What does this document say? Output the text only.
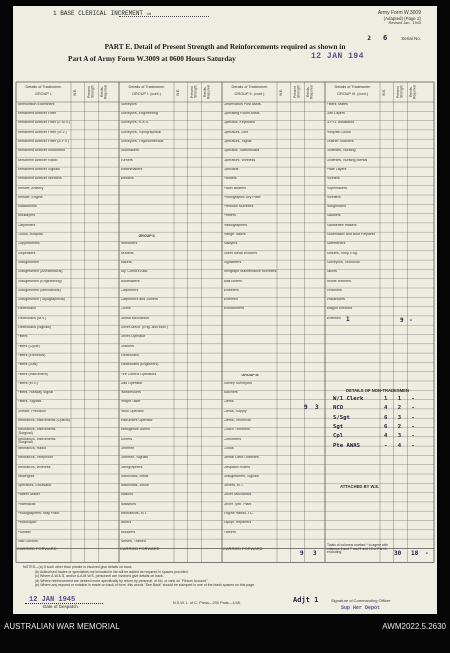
1 BASE CLERICAL INCREMENT nit	Army Form W.3009
(Adapted) (Page 2)
Revised Jan., 1943
2 6	Serial No.
PART E. Detail of Present Strength and Reinforcements required as shown in
Part A of Army Form W.3009 at 0600 Hours Saturday	12 JAN 194
Details of Tradesmen
GROUP I.	W.E.	Present Strength Reinfs. Required	Details of Tradesmen
GROUP I. (cont.)	W.E.	Present Strength Reinfs. Required	Details of Tradesmen
GROUP II. (cont.)	W.E.	Present Strength Reinfs. Required	Details of Tradesmen
GROUP III. (cont.)	W.E.	Present Strength Reinfs. Required
Ammunition Examiners
Armament Artificer Fitter
Armament Artificer Fitter (E.M.V.)
Armament Artificer Fitter (M.V.)
Armament Artificer Fitter (A.F.V.)
Armament Artificer Instrument
Armament Artificer Radio
Armament Artificer Signals
Armament Artificer Wireless
Artificer, Artillery
Artificer, Engine
Blacksmiths
Bricklayers
Carpenters
Cooks, Hospital
Coppersmiths
Dispensers
Draughtsmen
Draughtsmen (Architectural)
Draughtsmen (Engineering)
Draughtsmen (Mechanical)
Draughtsmen (Topographical)
Electricians
Electricians (M.V.)
Electricians (Signals)
Fitters
Fitters (Cycle)
Fitters (Electrical)
Fitters (Gas)
Fitters (Instrument)
Fitters (M.V.)
Fitters, Railway Signal
Fitters, Signals
Grinder, Precision
Mechanics, Instruments (Optical)
Mechanics, Instruments (Surgical)
Mechanics, Instruments (Surgical)
Mechanics, Radio
Mechanics, Telephone
Mechanics, Wireless
Millwrights
Operators, Excavator
Pattern Maker
Pharmacist
Photographers, Map Plant
Photocopier
Plumber
Saw Doctors
Surveyors
Surveyors, Engineering
Surveyors, R.A.S.
Surveyors, Topographical
Surveyors, Trigonometrical
Toolmakers
Turners
Watchmakers
Welders
GROUP II.
Armourers
Asmens
Bakers
Bty. Comd's Asst.
Bootmakers
Carpenters
Carpenters and Joiners
Cooks
Dental Mechanics
Driver-Mech. (Eng. and Mod.)
Driver-Operator
Drainers
Electricians
Electricians (Engineers)
Fire Control Operators
Gas Operator
Hairdressers
Height Taker
Helio Operator
Instrument Operator
Intelligence Duties
Joiners
Linemen
Linemen, Signals
Lithographers
Machinists, Metal
Machinists, Wood
Masons
Masseurs
Mechanists, M.T.
Miners
Moulders
Nurses, Trained
Observation Post Assts.
Operating Room Assts.
Operator, Keyboard
Operators, Line
Operators, Signal
Operator, Switchboard
Operators, Wireless
Opticians
Painters
Panel Beaters
Photographic Dry Plate
Predictor Numbers
Printers
Radiographers
Range Takers
Sawyers
Sheet Metal Workers
Signwriters
Telegraph Maintenance Numbers
Wall Borers
Wheelers
Wiremen
Woodturners
Survey Surveyors
Butchers
Clerks
Clerks, Supply
Clerks, Technical
Coach Trimmers
Concreters
Cooks
Dental Clerk Orderlies
Despatch Riders
Draughtsmen, Signals
Drivers, M.T.
Driver Mechanics
Driver Tptn. Plant
Engine Hands, I.C.
Equipt. Repairers
Farriers
Fitters' Mates
Gas Layers
G.P.O. Assistants
Hospital Cooks
Leather Stitchers
Orderlies, Nursing
Orderlies, Nursing Mental
Plate Layers
Riveters
Ropemakers
Rivetters
Roughriders
Saddlers
Saddletree makers
Shoemaker and Boot Repairer
Sweeteners
Strikers, Smiy. Eng.
Surveyors, Technical
Tailors
Textile Refiners
Tinsmiths
Vulcanisers
Wagon Erectors
Wiremen
GROUP III
DETAILS OF NON-TRADESMEN
W/1 Clerk	1 1 -
NCO	4 2 -
S/Sgt	6 3 -
Sgt	6 2 -
Cpl	4 3 -
Pte AWAS	- 4 -
ATTACHED BY W.E.
1	9 -
9 3
CARRIED FORWARD	CARRIED FORWARD	CARRIED FORWARD
9 3
Totals of columns marked * to agree with columns 6 and 7 and 9 and 10 of Part A, excluding	30 18 -
NOTES—(a) If such other than private is involved give details on back.
(b) Authorised trades or specialists not included in list will be added as required in spaces provided.
(c) Where A.W.A.S. and/or A.A.M.W.S. personnel are involved give details on back.
(d) Where reinforcement are desired more specifically by return by personal, of No. or rank on "Return Account".
(e) Where any request or notation is made on back of form, this words "See Back" should be stamped in one of the blank spaces on this page.
12 JAN 1945
Date of Despatch
N.S.W. L. of C. Press—200 Pads—1/45.	Adjt 1	Signature of Commanding Officer
Sup Her Depot
AUSTRALIAN WAR MEMORIAL	AWM2022.5.2630
